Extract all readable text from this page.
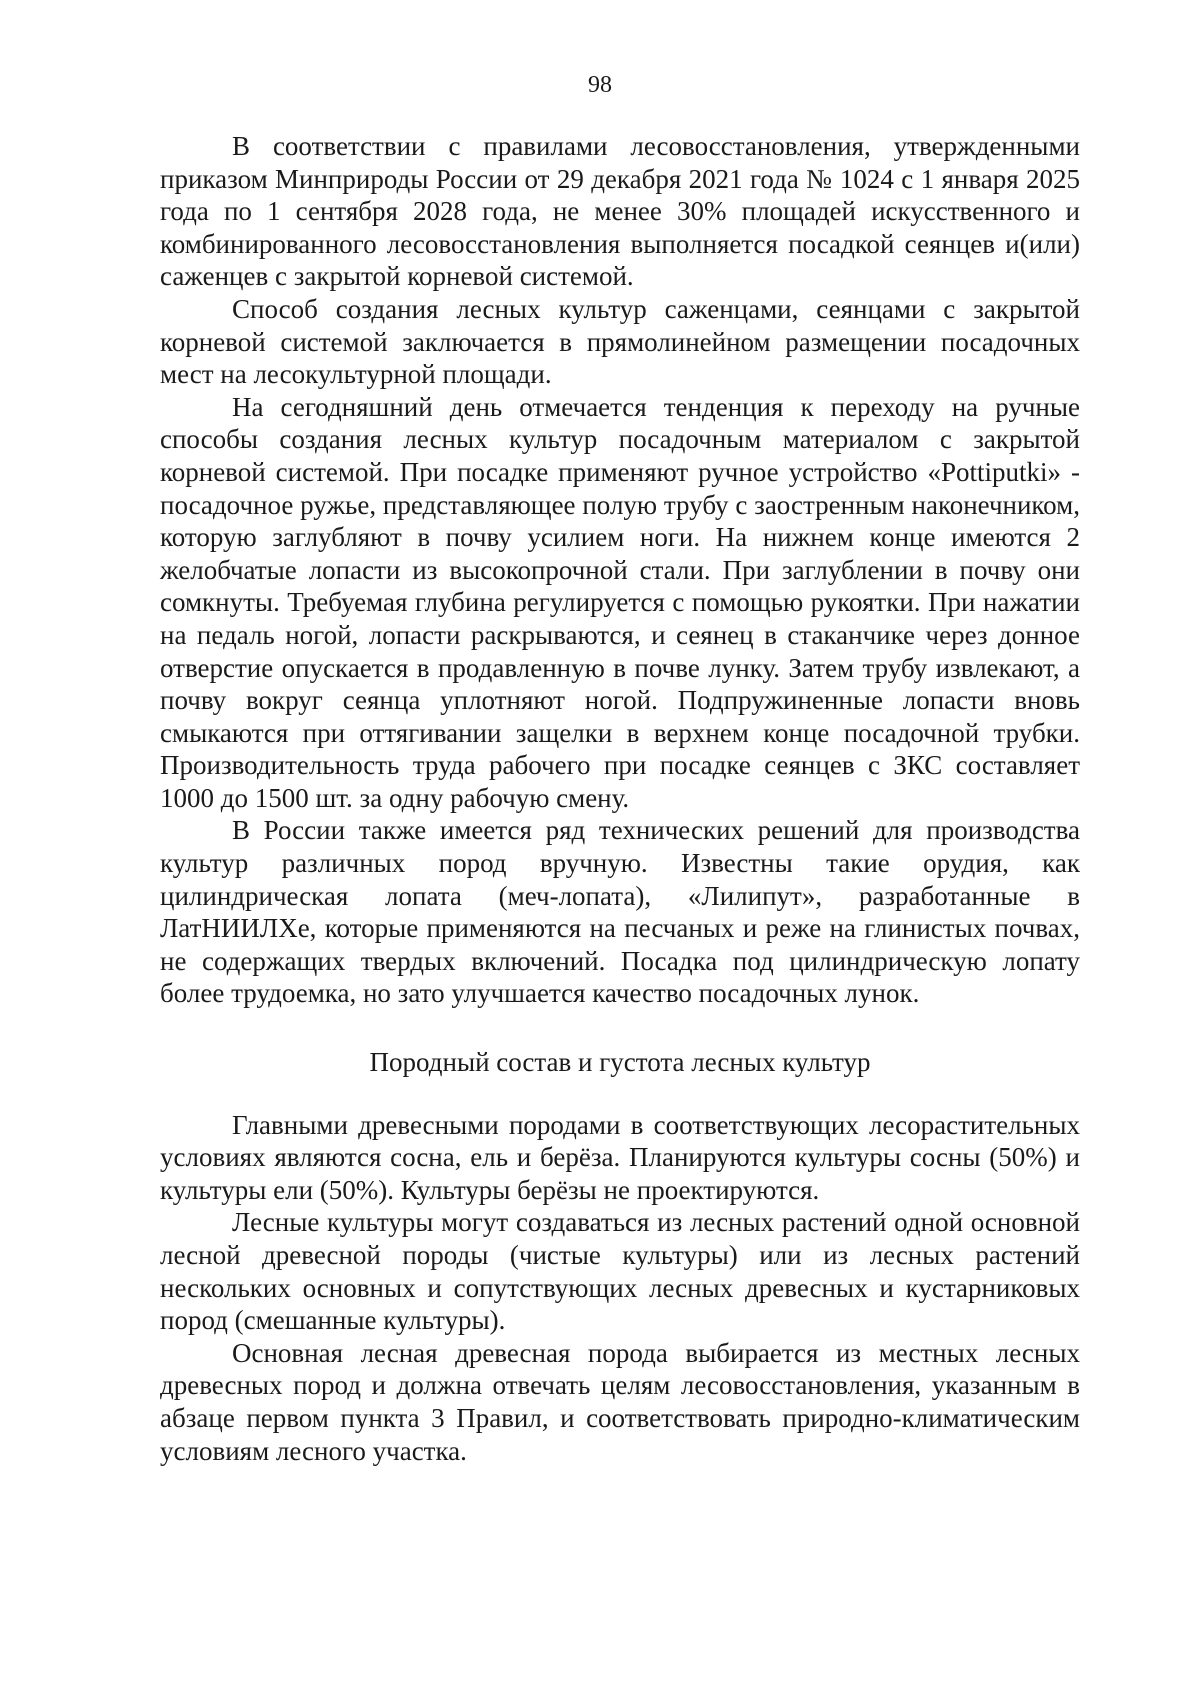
98

В соответствии с правилами лесовосстановления, утвержденными приказом Минприроды России от 29 декабря 2021 года № 1024 с 1 января 2025 года по 1 сентября 2028 года, не менее 30% площадей искусственного и комбинированного лесовосстановления выполняется посадкой сеянцев и(или) саженцев с закрытой корневой системой.

Способ создания лесных культур саженцами, сеянцами с закрытой корневой системой заключается в прямолинейном размещении посадочных мест на лесокультурной площади.

На сегодняшний день отмечается тенденция к переходу на ручные способы создания лесных культур посадочным материалом с закрытой корневой системой. При посадке применяют ручное устройство «Pottiputki» - посадочное ружье, представляющее полую трубу с заостренным наконечником, которую заглубляют в почву усилием ноги. На нижнем конце имеются 2 желобчатые лопасти из высокопрочной стали. При заглублении в почву они сомкнуты. Требуемая глубина регулируется с помощью рукоятки. При нажатии на педаль ногой, лопасти раскрываются, и сеянец в стаканчике через донное отверстие опускается в продавленную в почве лунку. Затем трубу извлекают, а почву вокруг сеянца уплотняют ногой. Подпружиненные лопасти вновь смыкаются при оттягивании защелки в верхнем конце посадочной трубки. Производительность труда рабочего при посадке сеянцев с ЗКС составляет 1000 до 1500 шт. за одну рабочую смену.

В России также имеется ряд технических решений для производства культур различных пород вручную. Известны такие орудия, как цилиндрическая лопата (меч-лопата), «Лилипут», разработанные в ЛатНИИЛХе, которые применяются на песчаных и реже на глинистых почвах, не содержащих твердых включений. Посадка под цилиндрическую лопату более трудоемка, но зато улучшается качество посадочных лунок.

Породный состав и густота лесных культур

Главными древесными породами в соответствующих лесорастительных условиях являются сосна, ель и берёза. Планируются культуры сосны (50%) и культуры ели (50%). Культуры берёзы не проектируются.

Лесные культуры могут создаваться из лесных растений одной основной лесной древесной породы (чистые культуры) или из лесных растений нескольких основных и сопутствующих лесных древесных и кустарниковых пород (смешанные культуры).

Основная лесная древесная порода выбирается из местных лесных древесных пород и должна отвечать целям лесовосстановления, указанным в абзаце первом пункта 3 Правил, и соответствовать природно-климатическим условиям лесного участка.
